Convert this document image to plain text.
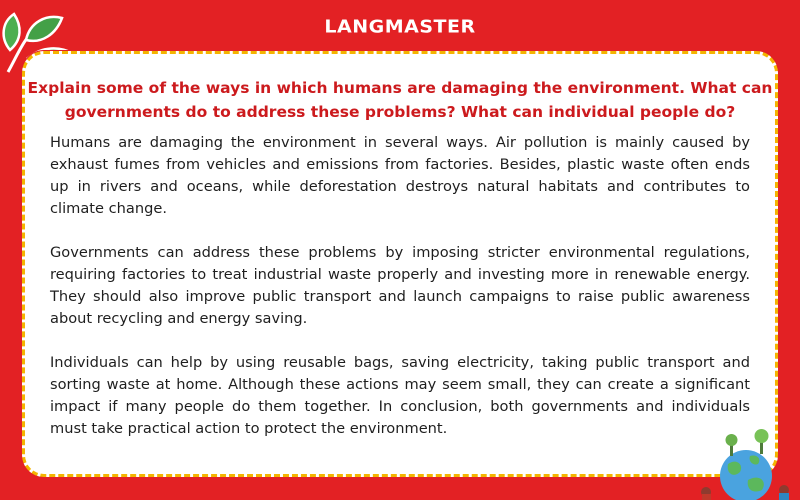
LANGMASTER
Explain some of the ways in which humans are damaging the environment. What can governments do to address these problems? What can individual people do?

Humans are damaging the environment in several ways. Air pollution is mainly caused by exhaust fumes from vehicles and emissions from factories. Besides, plastic waste often ends up in rivers and oceans, while deforestation destroys natural habitats and contributes to climate change.

Governments can address these problems by imposing stricter environmental regulations, requiring factories to treat industrial waste properly and investing more in renewable energy. They should also improve public transport and launch campaigns to raise public awareness about recycling and energy saving.

Individuals can help by using reusable bags, saving electricity, taking public transport and sorting waste at home. Although these actions may seem small, they can create a significant impact if many people do them together. In conclusion, both governments and individuals must take practical action to protect the environment.
